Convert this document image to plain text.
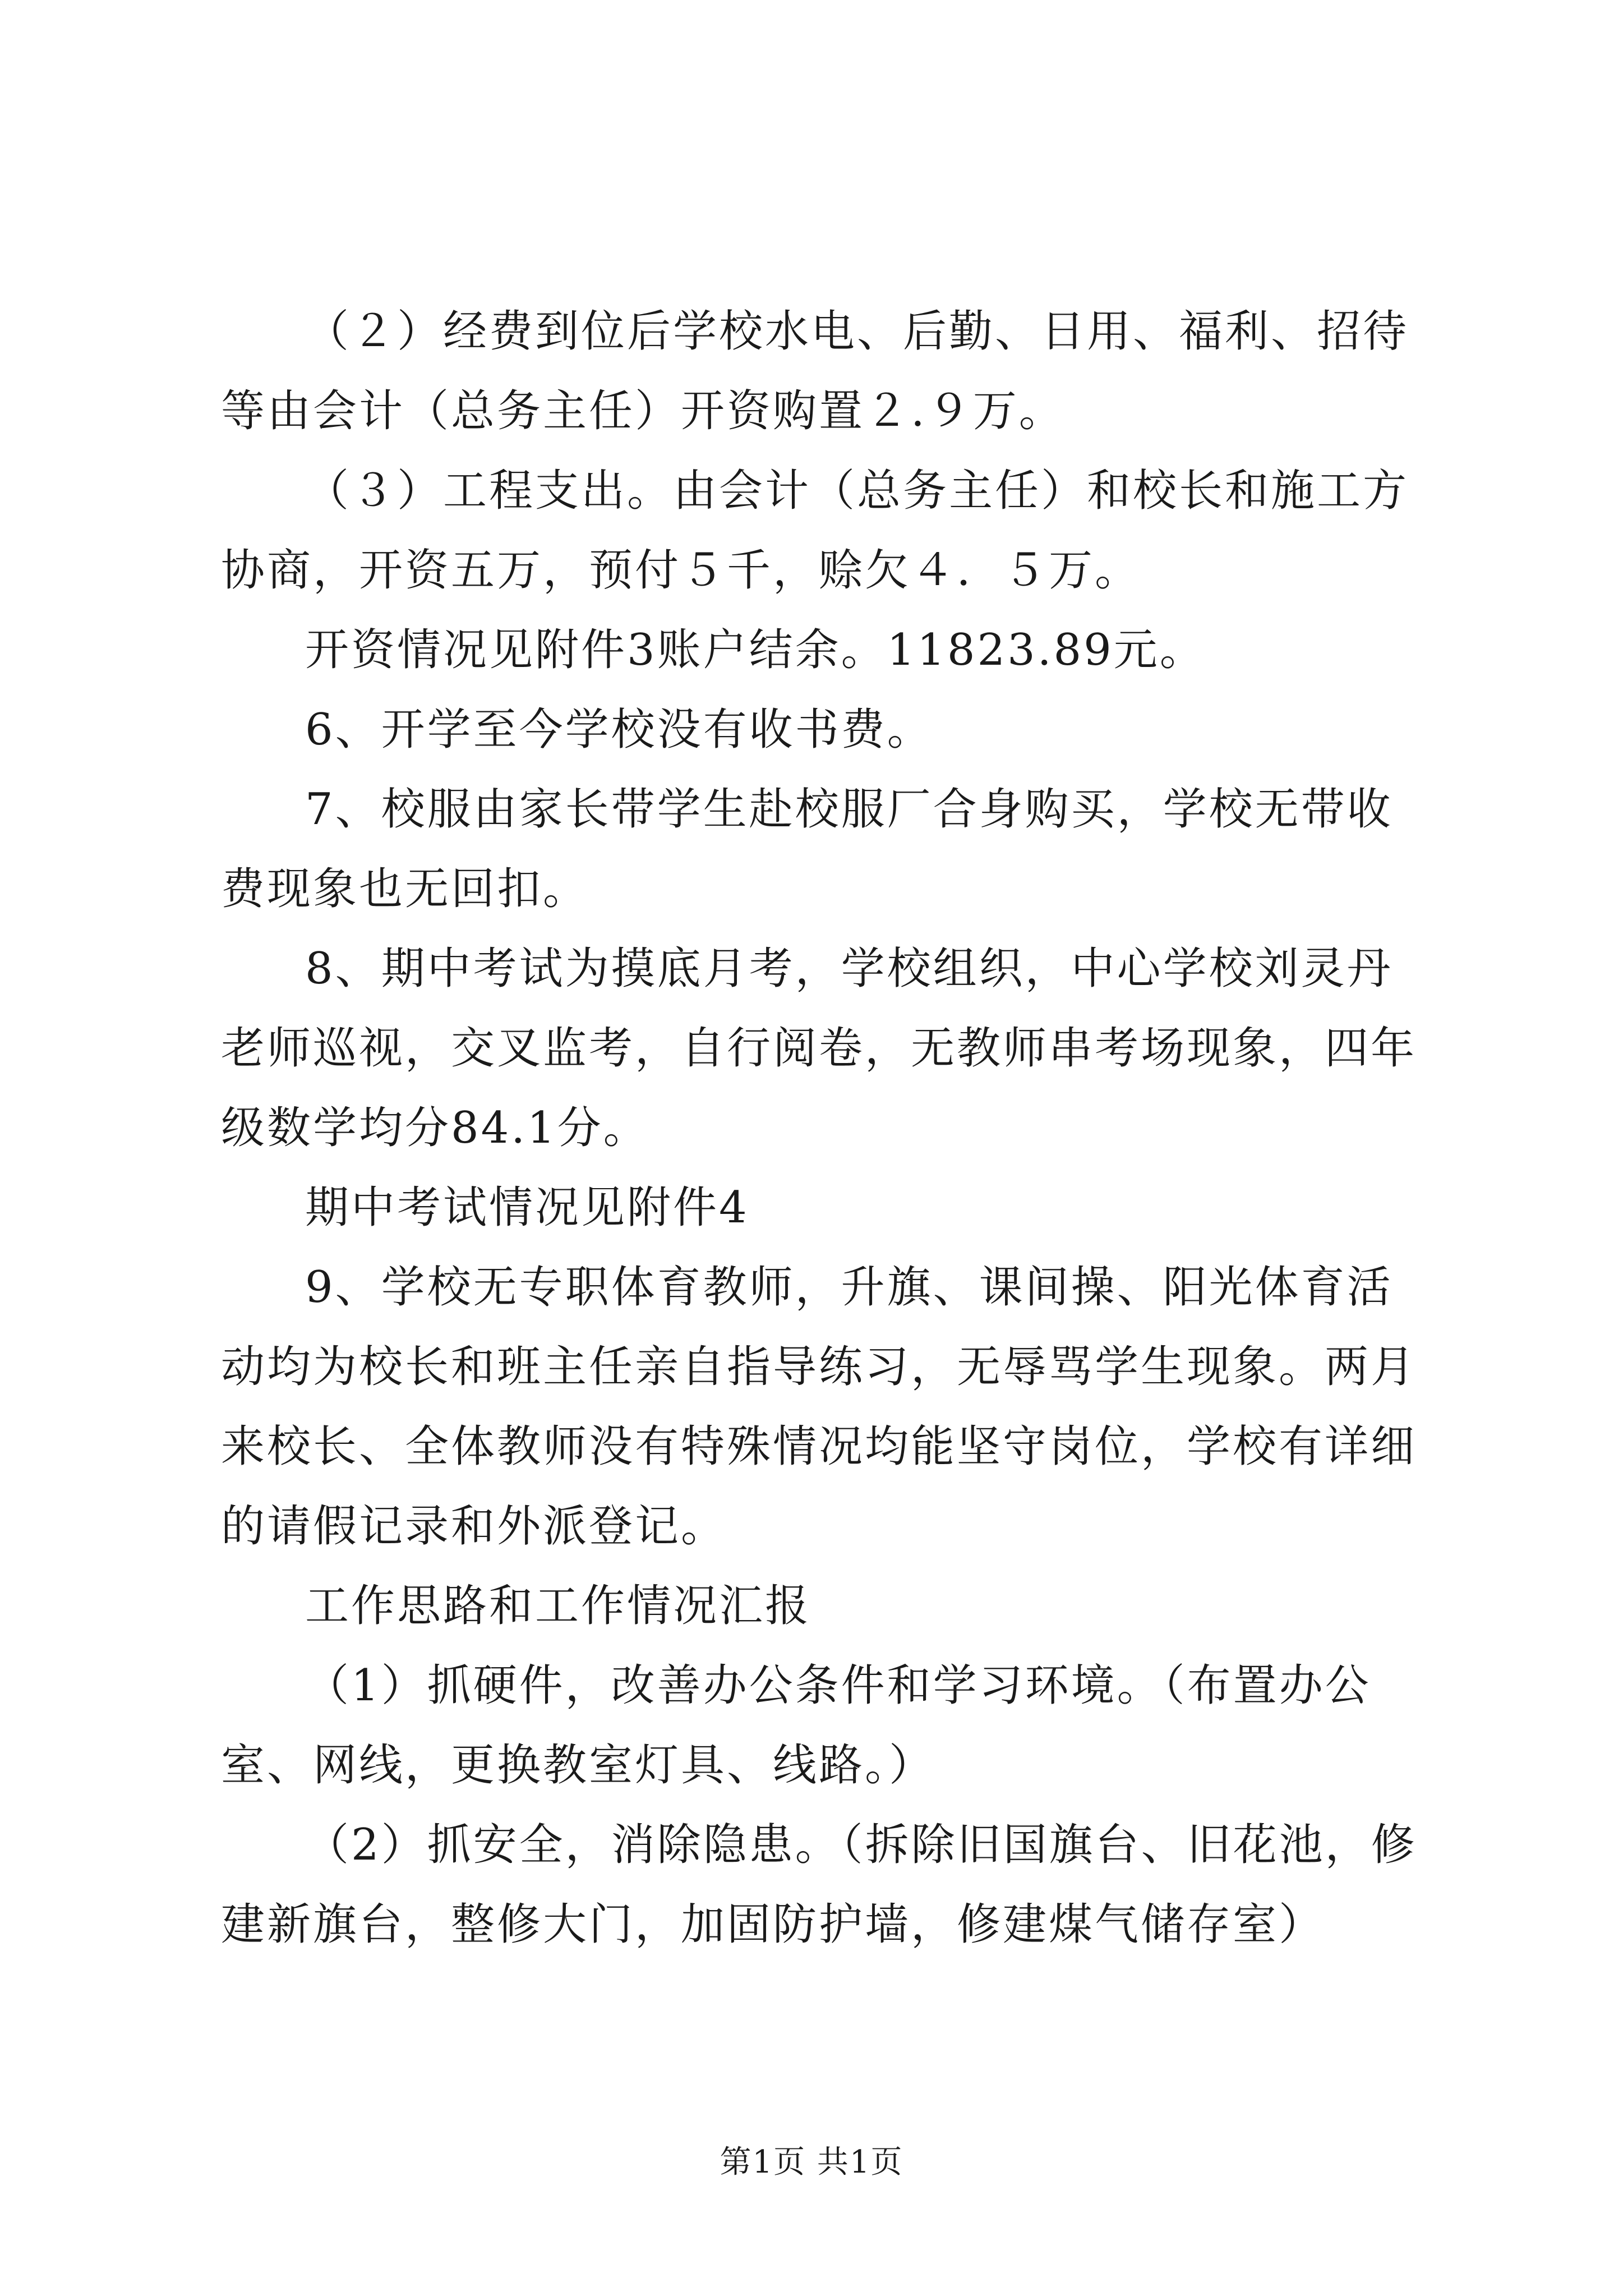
（２）经费到位后学校水电、后勤、日用、福利、招待等由会计（总务主任）开资购置２.９万。

（３）工程支出。由会计（总务主任）和校长和施工方协商，开资五万，预付５千，赊欠４．５万。

开资情况见附件3账户结余。11823.89元。

6、开学至今学校没有收书费。

7、校服由家长带学生赴校服厂合身购买，学校无带收费现象也无回扣。

8、期中考试为摸底月考，学校组织，中心学校刘灵丹老师巡视，交叉监考，自行阅卷，无教师串考场现象，四年级数学均分84.1分。

期中考试情况见附件4

9、学校无专职体育教师，升旗、课间操、阳光体育活动均为校长和班主任亲自指导练习，无辱骂学生现象。两月来校长、全体教师没有特殊情况均能坚守岗位，学校有详细的请假记录和外派登记。

工作思路和工作情况汇报

（1）抓硬件，改善办公条件和学习环境。（布置办公室、网线，更换教室灯具、线路。）

（2）抓安全，消除隐患。（拆除旧国旗台、旧花池，修建新旗台，整修大门，加固防护墙，修建煤气储存室）

第1页 共1页
